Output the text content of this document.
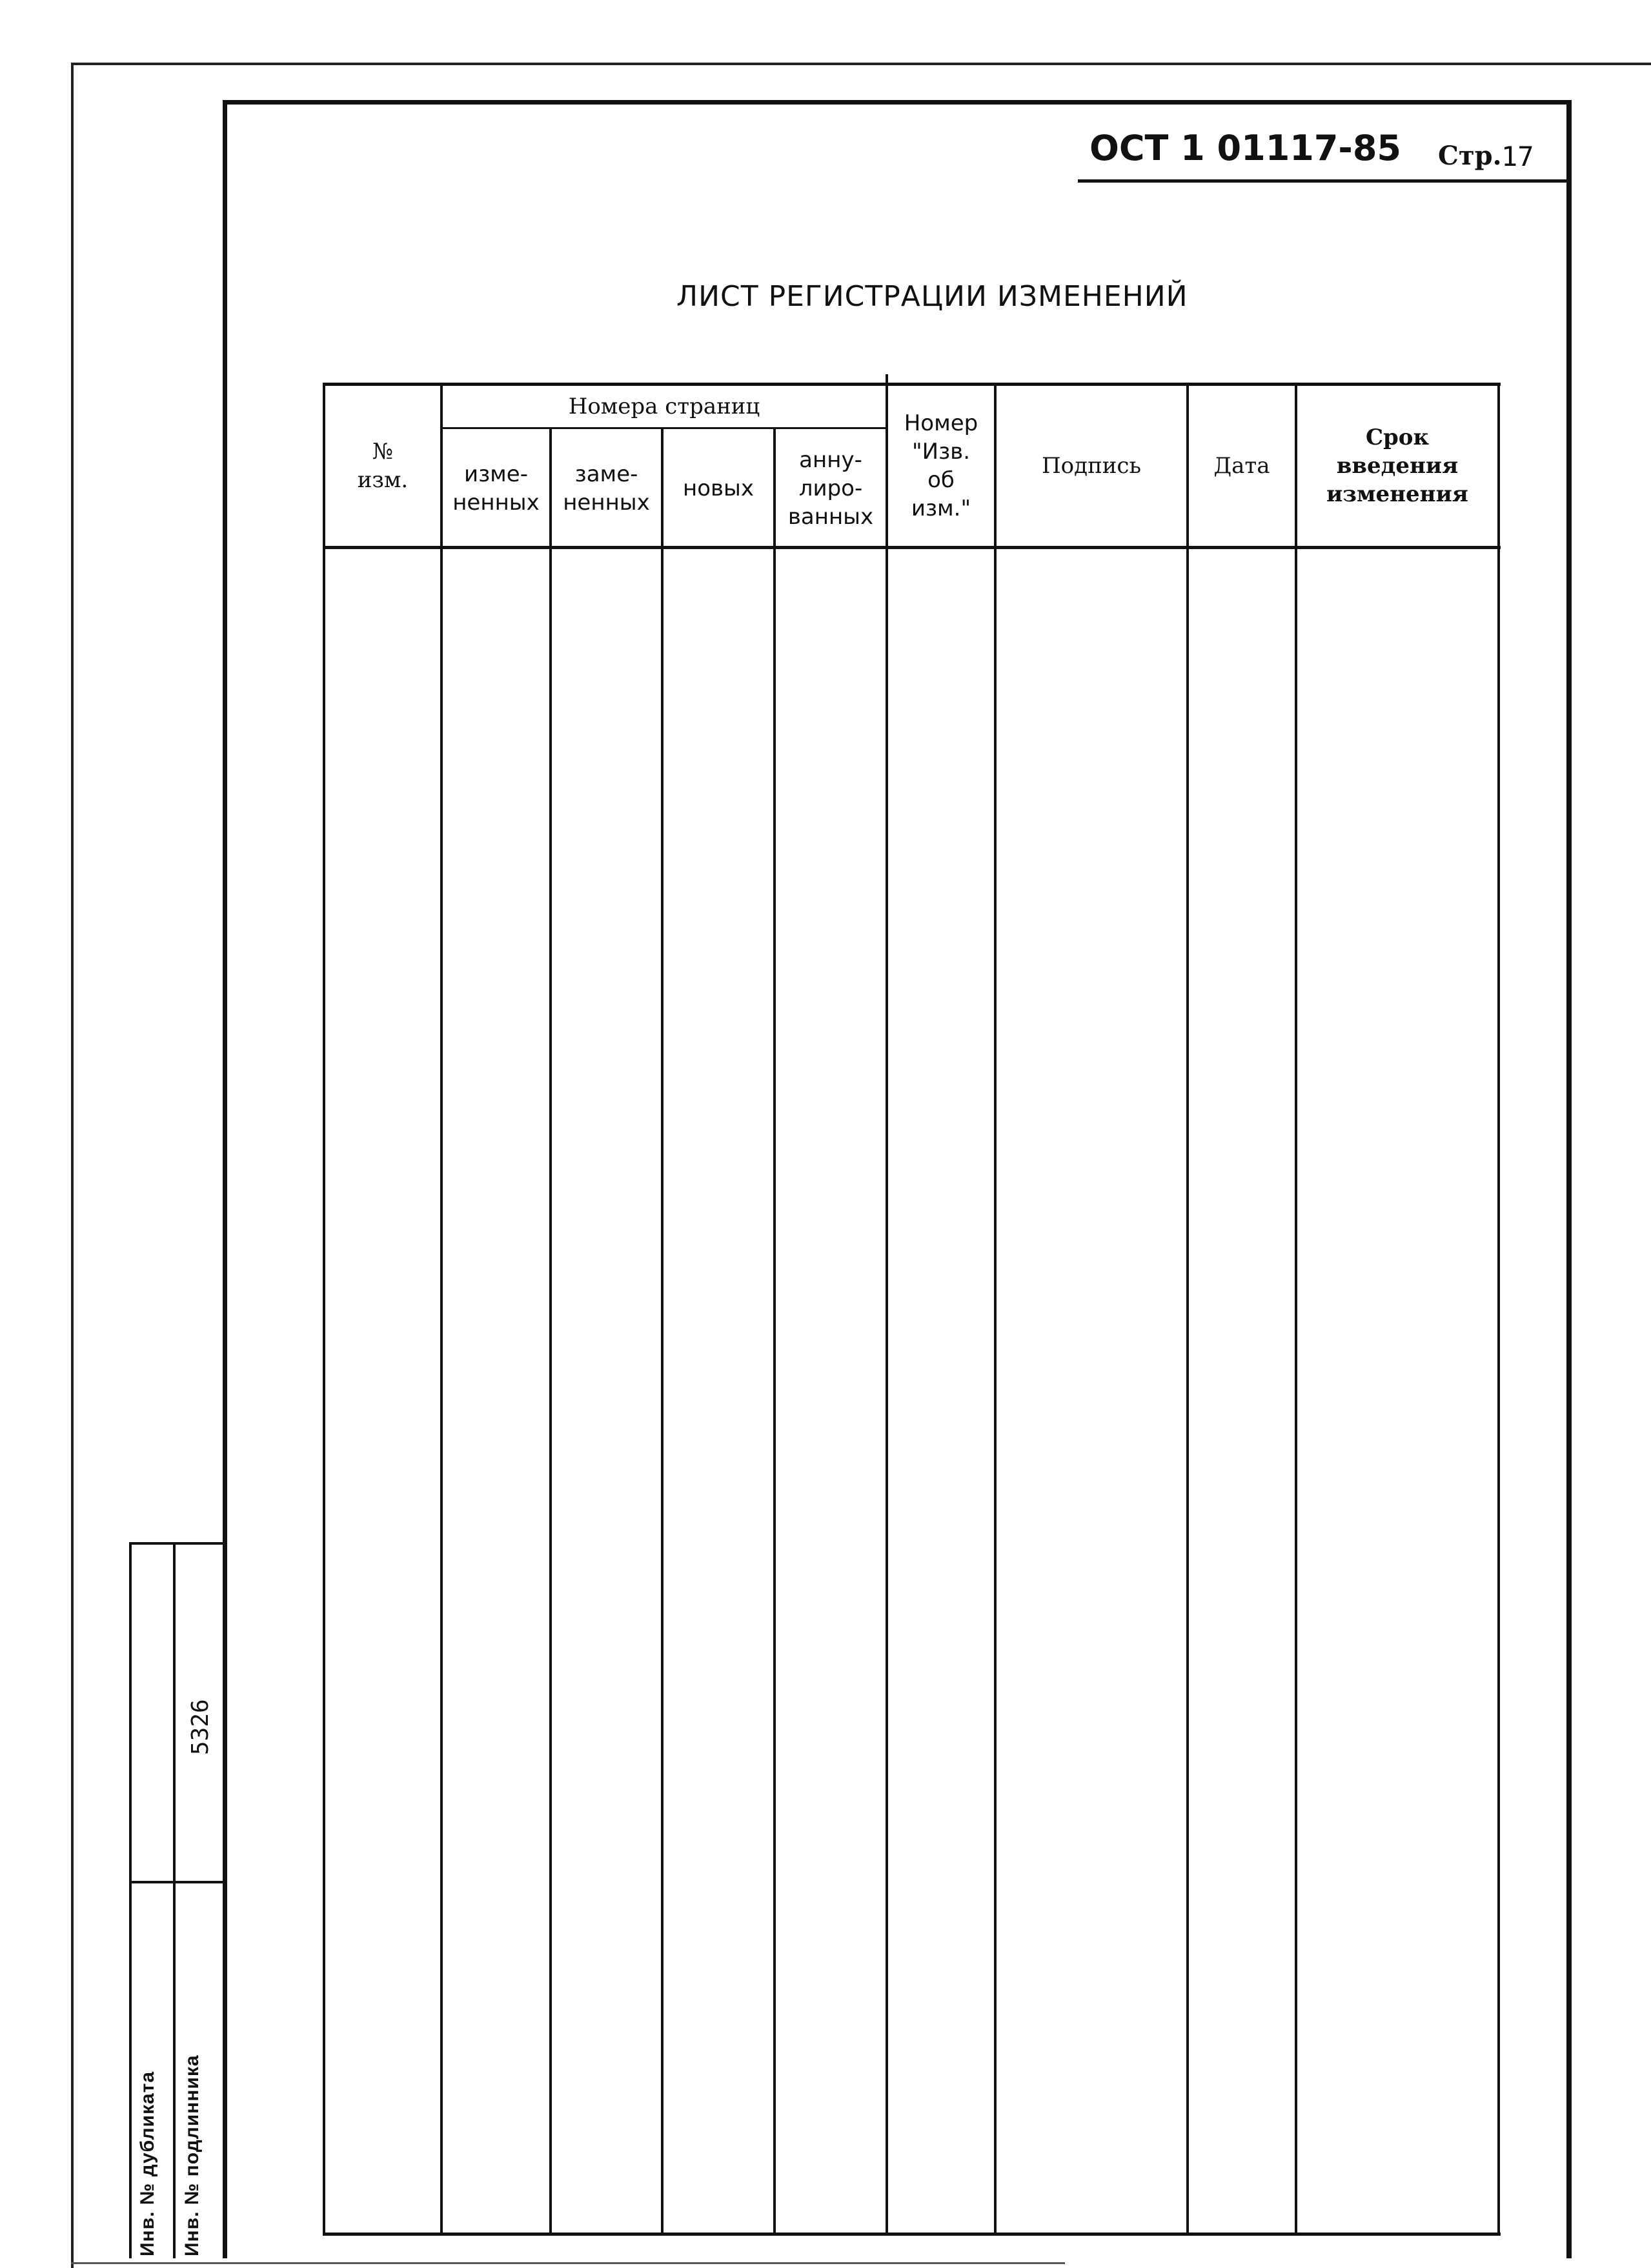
ОСТ 1 01117-85 Стр. 17
ЛИСТ РЕГИСТРАЦИИ ИЗМЕНЕНИЙ
№
изм.
Номера страниц
изме-
ненных
заме-
ненных
новых
анну-
лиро-
ванных
Номер
"Изв.
об
изм."
Подпись	Дата
Срок
введения
изменения
Инв. № дубликата Инв. № подлинника
5326
